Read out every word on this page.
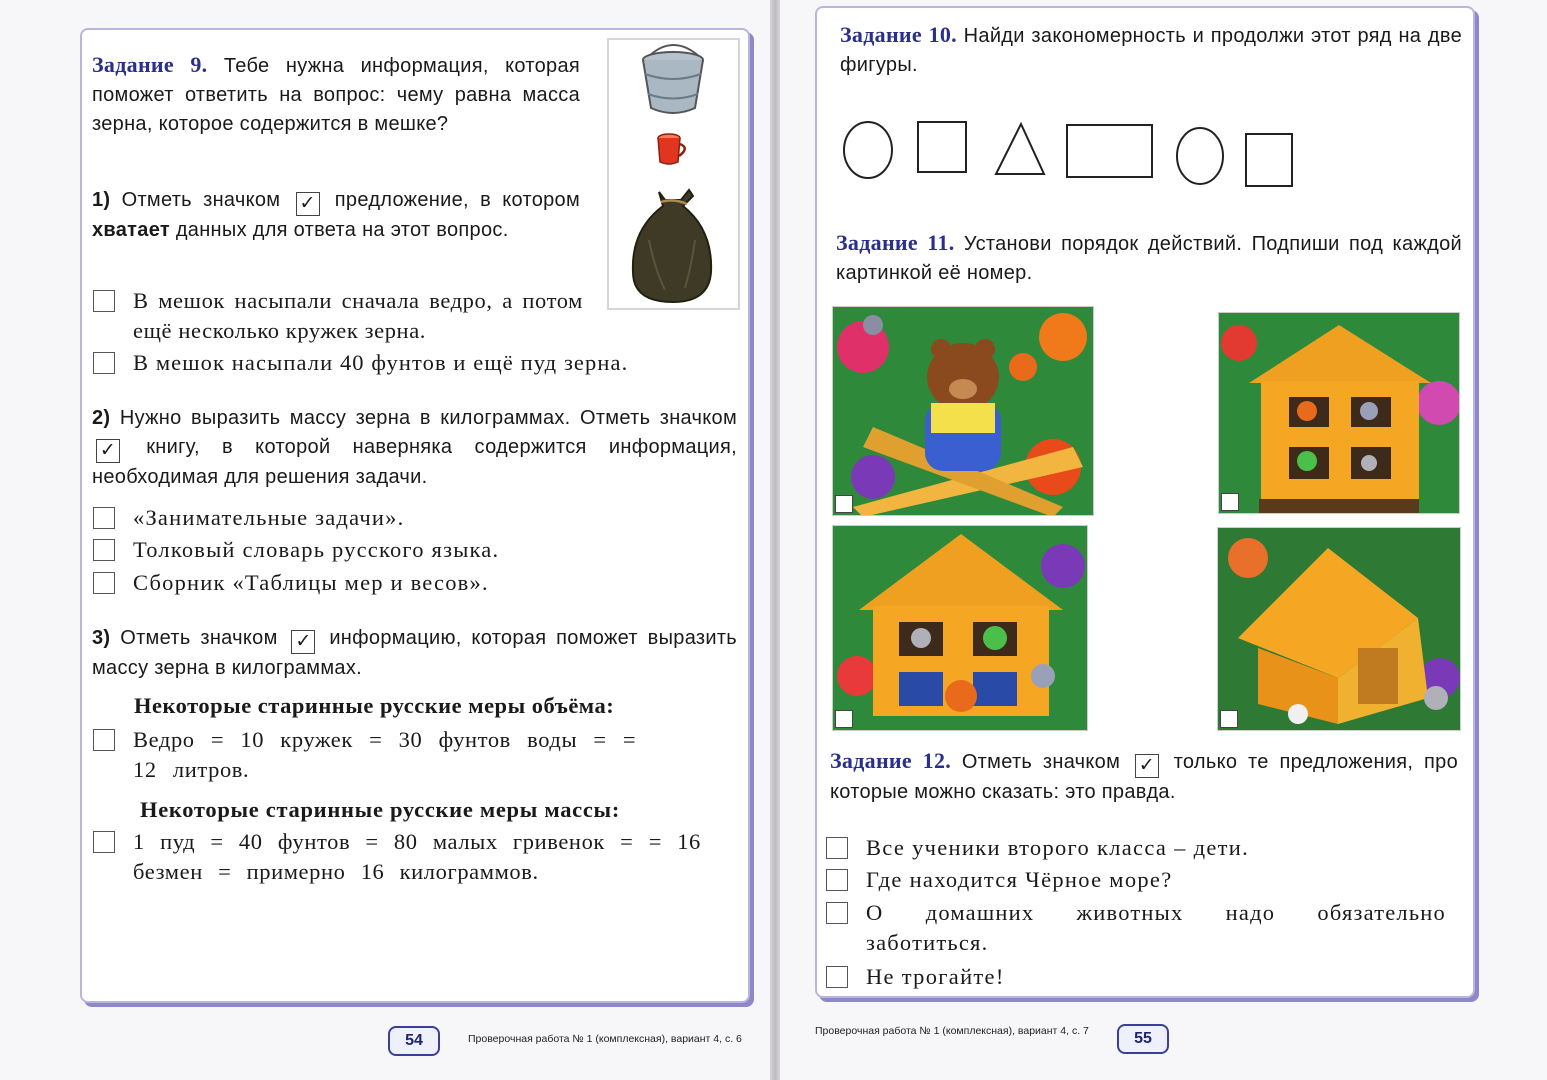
Задание 9. Тебе нужна информация, которая поможет ответить на вопрос: чему равна масса зерна, которое содержится в мешке?
1) Отметь значком ✓ предложение, в котором хватает данных для ответа на этот вопрос.
В мешок насыпали сначала ведро, а потом ещё несколько кружек зерна.
В мешок насыпали 40 фунтов и ещё пуд зерна.
2) Нужно выразить массу зерна в килограммах. Отметь значком ✓ книгу, в которой наверняка содержится информация, необходимая для решения задачи.
«Занимательные задачи».
Толковый словарь русского языка.
Сборник «Таблицы мер и весов».
3) Отметь значком ✓ информацию, которая поможет выразить массу зерна в килограммах.
Некоторые старинные русские меры объёма:
Ведро = 10 кружек = 30 фунтов воды = = 12 литров.
Некоторые старинные русские меры массы:
1 пуд = 40 фунтов = 80 малых гривенок = = 16 безмен = примерно 16 килограммов.
54	Проверочная работа № 1 (комплексная), вариант 4, с. 6
Задание 10. Найди закономерность и продолжи этот ряд на две фигуры.
Задание 11. Установи порядок действий. Подпиши под каждой картинкой её номер.
Задание 12. Отметь значком ✓ только те предложения, про которые можно сказать: это правда.
Все ученики второго класса – дети.
Где находится Чёрное море?
О домашних животных надо обязательно заботиться.
Не трогайте!
Проверочная работа № 1 (комплексная), вариант 4, с. 7	55
